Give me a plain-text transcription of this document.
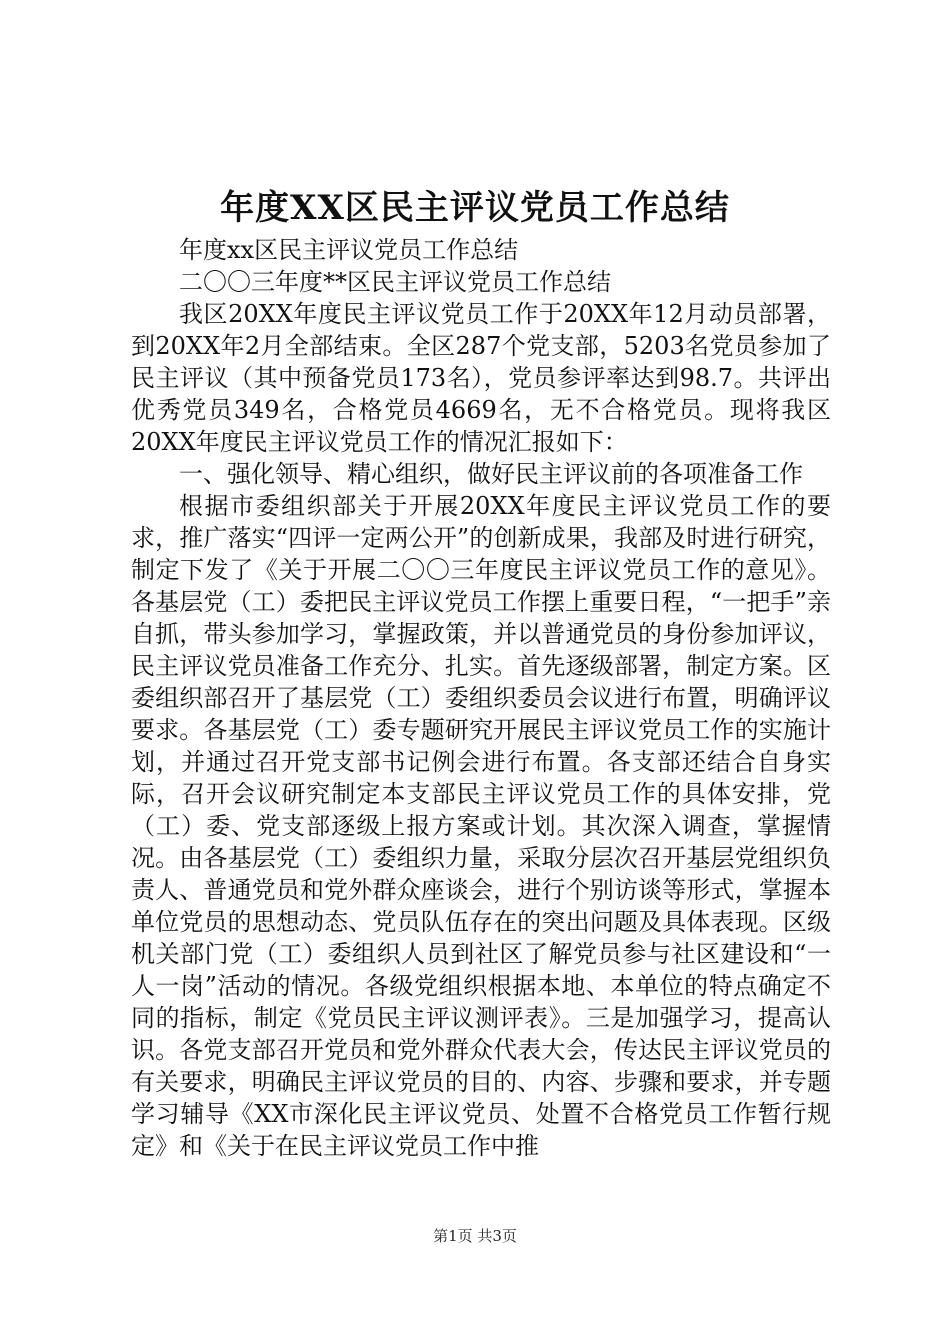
年度XX区民主评议党员工作总结

年度xx区民主评议党员工作总结

二〇〇三年度**区民主评议党员工作总结

我区20XX年度民主评议党员工作于20XX年12月动员部署，到20XX年2月全部结束。全区287个党支部，5203名党员参加了民主评议（其中预备党员173名），党员参评率达到98.7。共评出优秀党员349名，合格党员4669名，无不合格党员。现将我区20XX年度民主评议党员工作的情况汇报如下：

一、强化领导、精心组织，做好民主评议前的各项准备工作

根据市委组织部关于开展20XX年度民主评议党员工作的要求，推广落实“四评一定两公开”的创新成果，我部及时进行研究，制定下发了《关于开展二〇〇三年度民主评议党员工作的意见》。各基层党（工）委把民主评议党员工作摆上重要日程，“一把手”亲自抓，带头参加学习，掌握政策，并以普通党员的身份参加评议，民主评议党员准备工作充分、扎实。首先逐级部署，制定方案。区委组织部召开了基层党（工）委组织委员会议进行布置，明确评议要求。各基层党（工）委专题研究开展民主评议党员工作的实施计划，并通过召开党支部书记例会进行布置。各支部还结合自身实际，召开会议研究制定本支部民主评议党员工作的具体安排，党（工）委、党支部逐级上报方案或计划。其次深入调查，掌握情况。由各基层党（工）委组织力量，采取分层次召开基层党组织负责人、普通党员和党外群众座谈会，进行个别访谈等形式，掌握本单位党员的思想动态、党员队伍存在的突出问题及具体表现。区级机关部门党（工）委组织人员到社区了解党员参与社区建设和“一人一岗”活动的情况。各级党组织根据本地、本单位的特点确定不同的指标，制定《党员民主评议测评表》。三是加强学习，提高认识。各党支部召开党员和党外群众代表大会，传达民主评议党员的有关要求，明确民主评议党员的目的、内容、步骤和要求，并专题学习辅导《XX市深化民主评议党员、处置不合格党员工作暂行规定》和《关于在民主评议党员工作中推

第1页 共3页
